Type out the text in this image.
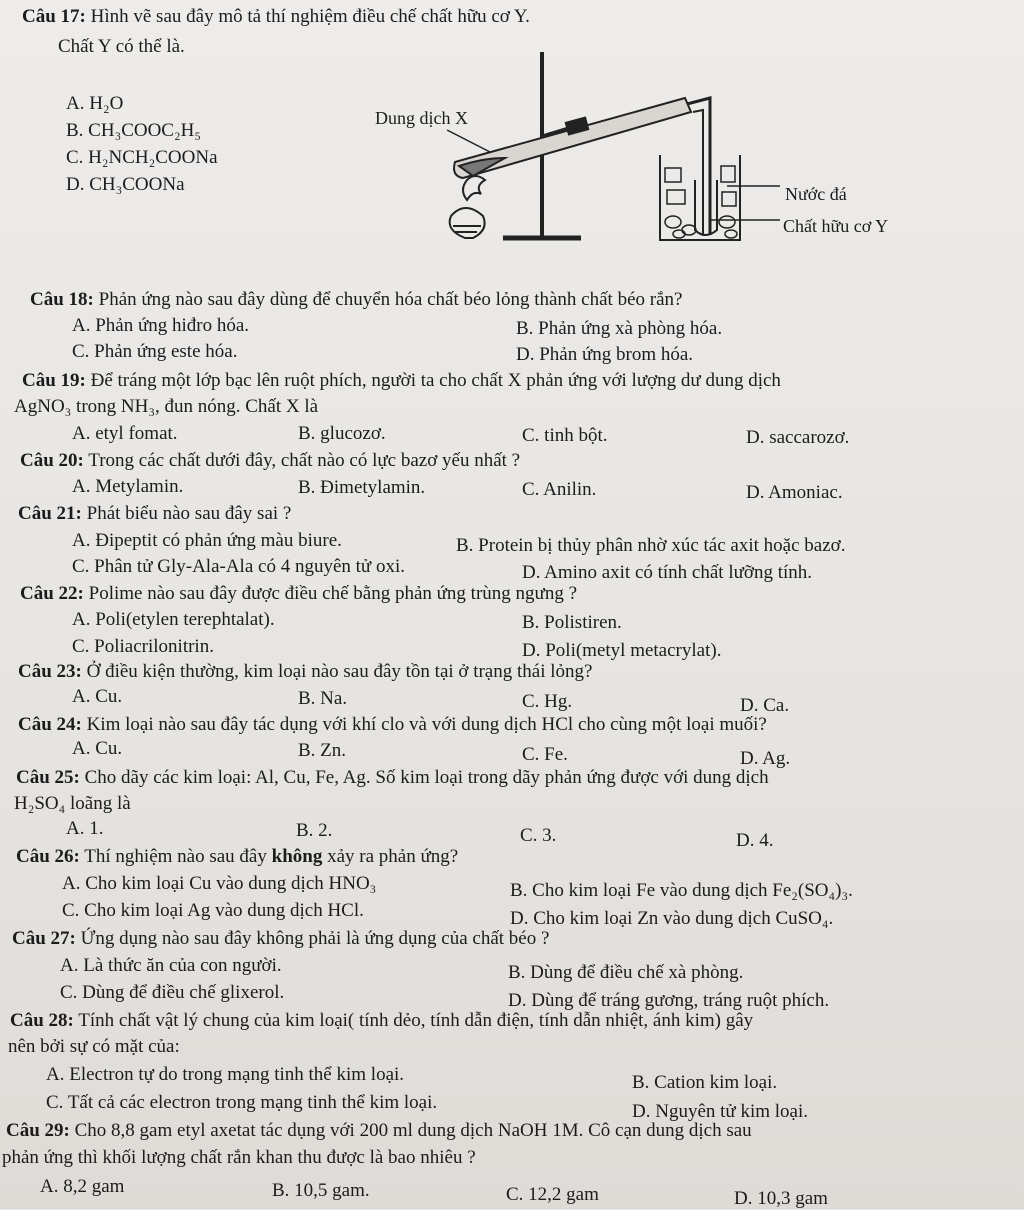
Câu 17: Hình vẽ sau đây mô tả thí nghiệm điều chế chất hữu cơ Y.
Chất Y có thể là.
A. H₂O
B. CH₃COOC₂H₅
C. H₂NCH₂COONa
D. CH₃COONa
Dung dịch X
Nước đá
Chất hữu cơ Y
Câu 18: Phản ứng nào sau đây dùng để chuyển hóa chất béo lỏng thành chất béo rắn?
A. Phản ứng hiđro hóa.	B. Phản ứng xà phòng hóa.
C. Phản ứng este hóa.	D. Phản ứng brom hóa.
Câu 19: Để tráng một lớp bạc lên ruột phích, người ta cho chất X phản ứng với lượng dư dung dịch
AgNO₃ trong NH₃, đun nóng. Chất X là
A. etyl fomat.	B. glucozơ.	C. tinh bột.	D. saccarozơ.
Câu 20: Trong các chất dưới đây, chất nào có lực bazơ yếu nhất ?
A. Metylamin.	B. Đimetylamin.	C. Anilin.	D. Amoniac.
Câu 21: Phát biểu nào sau đây sai ?
A. Đipeptit có phản ứng màu biure.	B. Protein bị thủy phân nhờ xúc tác axit hoặc bazơ.
C. Phân tử Gly-Ala-Ala có 4 nguyên tử oxi.	D. Amino axit có tính chất lưỡng tính.
Câu 22: Polime nào sau đây được điều chế bằng phản ứng trùng ngưng ?
A. Poli(etylen terephtalat).	B. Polistiren.
C. Poliacrilonitrin.	D. Poli(metyl metacrylat).
Câu 23: Ở điều kiện thường, kim loại nào sau đây tồn tại ở trạng thái lỏng?
A. Cu.	B. Na.	C. Hg.	D. Ca.
Câu 24: Kim loại nào sau đây tác dụng với khí clo và với dung dịch HCl cho cùng một loại muối?
A. Cu.	B. Zn.	C. Fe.	D. Ag.
Câu 25: Cho dãy các kim loại: Al, Cu, Fe, Ag. Số kim loại trong dãy phản ứng được với dung dịch
H₂SO₄ loãng là
A. 1.	B. 2.	C. 3.	D. 4.
Câu 26: Thí nghiệm nào sau đây không xảy ra phản ứng?
A. Cho kim loại Cu vào dung dịch HNO₃	B. Cho kim loại Fe vào dung dịch Fe₂(SO₄)₃.
C. Cho kim loại Ag vào dung dịch HCl.	D. Cho kim loại Zn vào dung dịch CuSO₄.
Câu 27: Ứng dụng nào sau đây không phải là ứng dụng của chất béo ?
A. Là thức ăn của con người.	B. Dùng để điều chế xà phòng.
C. Dùng để điều chế glixerol.	D. Dùng để tráng gương, tráng ruột phích.
Câu 28: Tính chất vật lý chung của kim loại( tính dẻo, tính dẫn điện, tính dẫn nhiệt, ánh kim) gây
nên bởi sự có mặt của:
A. Electron tự do trong mạng tinh thể kim loại.	B. Cation kim loại.
C. Tất cả các electron trong mạng tinh thể kim loại.	D. Nguyên tử kim loại.
Câu 29: Cho 8,8 gam etyl axetat tác dụng với 200 ml dung dịch NaOH 1M. Cô cạn dung dịch sau
phản ứng thì khối lượng chất rắn khan thu được là bao nhiêu ?
A. 8,2 gam	B. 10,5 gam.	C. 12,2 gam	D. 10,3 gam
